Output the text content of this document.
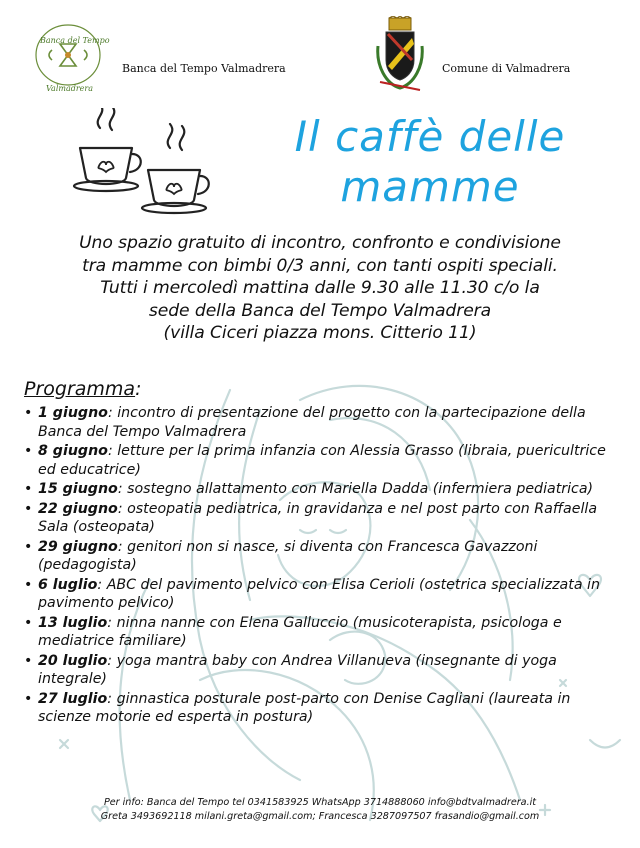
Banca del Tempo
Valmadrera
Banca del Tempo Valmadrera	Comune di Valmadrera
Il caffè delle
mamme
Uno spazio gratuito di incontro, confronto e condivisione
tra mamme con bimbi 0/3 anni, con tanti ospiti speciali.
Tutti i mercoledì mattina dalle 9.30 alle 11.30 c/o la
sede della Banca del Tempo Valmadrera
(villa Ciceri piazza mons. Citterio 11)
Programma:
• 1 giugno: incontro di presentazione del progetto con la partecipazione della Banca del Tempo Valmadrera
• 8 giugno: letture per la prima infanzia con Alessia Grasso (libraia, puericultrice ed educatrice)
• 15 giugno: sostegno allattamento con Mariella Dadda (infermiera pediatrica)
• 22 giugno: osteopatia pediatrica, in gravidanza e nel post parto con Raffaella Sala (osteopata)
• 29 giugno: genitori non si nasce, si diventa con Francesca Gavazzoni (pedagogista)
• 6 luglio: ABC del pavimento pelvico con Elisa Cerioli (ostetrica specializzata in pavimento pelvico)
• 13 luglio: ninna nanne con Elena Galluccio (musicoterapista, psicologa e mediatrice familiare)
• 20 luglio: yoga mantra baby con Andrea Villanueva (insegnante di yoga integrale)
• 27 luglio: ginnastica posturale post-parto con Denise Cagliani (laureata in scienze motorie ed esperta in postura)
Per info: Banca del Tempo tel 0341583925 WhatsApp 3714888060 info@bdtvalmadrera.it
Greta 3493692118 milani.greta@gmail.com; Francesca 3287097507 frasandio@gmail.com
